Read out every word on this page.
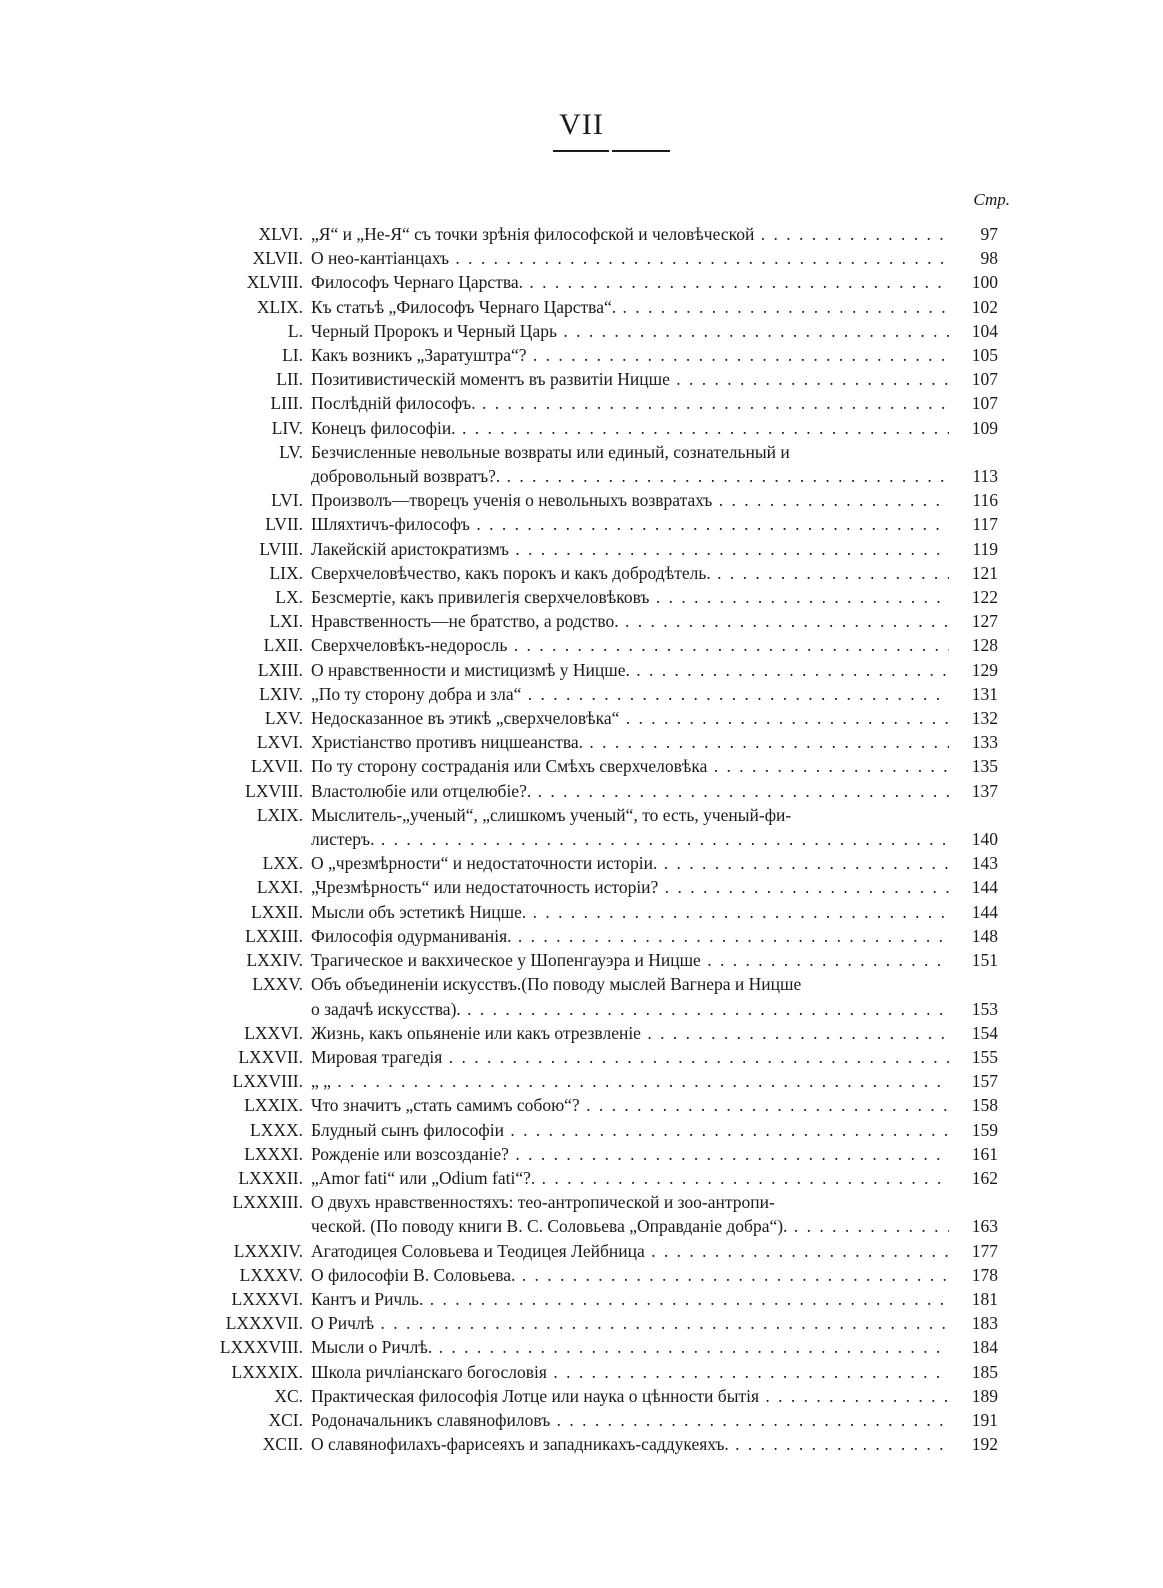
VII
Стр.
XLVI. „Я“ и „Не-Я“ съ точки зрѣнія философской и человѣческой . . .	97
XLVII. О нео-кантіанцахъ . . .	98
XLVIII. Философъ Чернаго Царства. . . .	100
XLIX. Къ статьѣ „Философъ Чернаго Царства“. . . .	102
L. Черный Пророкъ и Черный Царь . . .	104
LI. Какъ возникъ „Заратуштра“? . . .	105
LII. Позитивистическій моментъ въ развитіи Ницше . . .	107
LIII. Послѣдній философъ. . . .	107
LIV. Конецъ философіи. . . .	109
LV. Безчисленные невольные возвраты или единый, сознательный и
добровольный возвратъ?. . . .	113
LVI. Произволъ—творецъ ученія о невольныхъ возвратахъ . . .	116
LVII. Шляхтичъ-философъ . . .	117
LVIII. Лакейскій аристократизмъ . . .	119
LIX. Сверхчеловѣчество, какъ порокъ и какъ добродѣтель. . . .	121
LX. Безсмертіе, какъ привилегія сверхчеловѣковъ . . .	122
LXI. Нравственность—не братство, а родство. . . .	127
LXII. Сверхчеловѣкъ-недоросль . . .	128
LXIII. О нравственности и мистицизмѣ у Ницше. . . .	129
LXIV. „По ту сторону добра и зла“ . . .	131
LXV. Недосказанное въ этикѣ „сверхчеловѣка“ . . .	132
LXVI. Христіанство противъ ницшеанства. . . .	133
LXVII. По ту сторону состраданія или Смѣхъ сверхчеловѣка . . .	135
LXVIII. Властолюбіе или отцелюбіе?. . . .	137
LXIX. Мыслитель-„ученый“, „слишкомъ ученый“, то есть, ученый-фи-
листеръ. . . .	140
LXX. О „чрезмѣрности“ и недостаточности исторіи. . . .	143
LXXI. „Чрезмѣрность“ или недостаточность исторіи? . . .	144
LXXII. Мысли объ эстетикѣ Ницше. . . .	144
LXXIII. Философія одурманиванія. . . .	148
LXXIV. Трагическое и вакхическое у Шопенгауэра и Ницше . . .	151
LXXV. Объ объединеніи искусствъ.(По поводу мыслей Вагнера и Ницше
о задачѣ искусства). . . .	153
LXXVI. Жизнь, какъ опьяненіе или какъ отрезвленіе . . .	154
LXXVII. Мировая трагедія . . .	155
LXXVIII. „ „ . . .	157
LXXIX. Что значитъ „стать самимъ собою“? . . .	158
LXXX. Блудный сынъ философіи . . .	159
LXXXI. Рожденіе или возсозданіе? . . .	161
LXXXII. „Amor fati“ или „Odium fati“?. . . .	162
LXXXIII. О двухъ нравственностяхъ: тео-антропической и зоо-антропи-
ческой. (По поводу книги В. С. Соловьева „Оправданіе добра“). . . .	163
LXXXIV. Агатодицея Соловьева и Теодицея Лейбница . . .	177
LXXXV. О философіи В. Соловьева. . . .	178
LXXXVI. Кантъ и Ричль. . . .	181
LXXXVII. О Ричлѣ . . .	183
LXXXVIII. Мысли о Ричлѣ. . . .	184
LXXXIX. Школа ричліанскаго богословія . . .	185
XC. Практическая философія Лотце или наука о цѣнности бытія . . .	189
XCI. Родоначальникъ славянофиловъ . . .	191
XCII. О славянофилахъ-фарисеяхъ и западникахъ-саддукеяхъ. . . .	192
